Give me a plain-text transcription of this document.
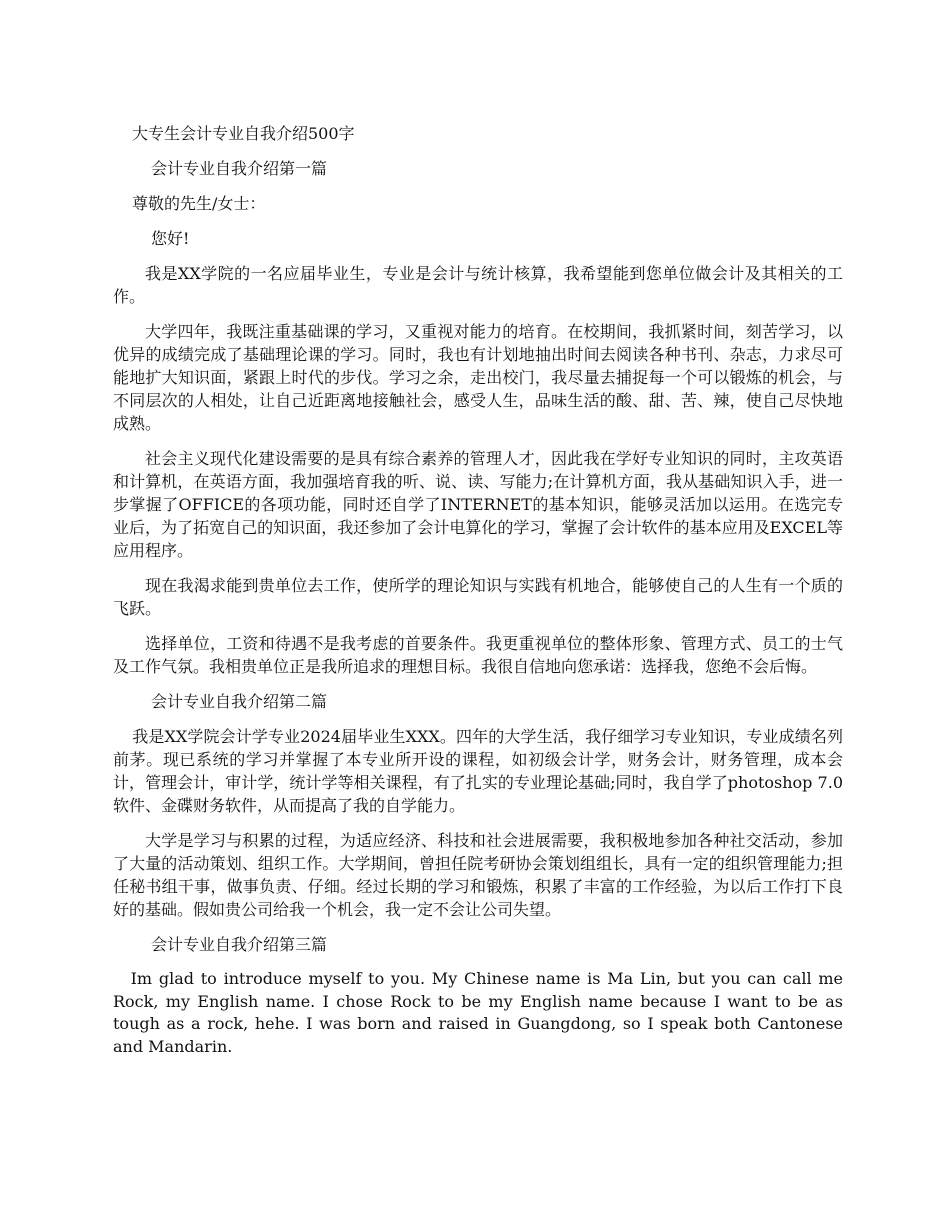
大专生会计专业自我介绍500字

会计专业自我介绍第一篇

尊敬的先生/女士：

您好!

我是XX学院的一名应届毕业生，专业是会计与统计核算，我希望能到您单位做会计及其相关的工作。

大学四年，我既注重基础课的学习，又重视对能力的培育。在校期间，我抓紧时间，刻苦学习，以优异的成绩完成了基础理论课的学习。同时，我也有计划地抽出时间去阅读各种书刊、杂志，力求尽可能地扩大知识面，紧跟上时代的步伐。学习之余，走出校门，我尽量去捕捉每一个可以锻炼的机会，与不同层次的人相处，让自己近距离地接触社会，感受人生，品味生活的酸、甜、苦、辣，使自己尽快地成熟。

社会主义现代化建设需要的是具有综合素养的管理人才，因此我在学好专业知识的同时，主攻英语和计算机，在英语方面，我加强培育我的听、说、读、写能力;在计算机方面，我从基础知识入手，进一步掌握了OFFICE的各项功能，同时还自学了INTERNET的基本知识，能够灵活加以运用。在选完专业后，为了拓宽自己的知识面，我还参加了会计电算化的学习，掌握了会计软件的基本应用及EXCEL等应用程序。

现在我渴求能到贵单位去工作，使所学的理论知识与实践有机地合，能够使自己的人生有一个质的飞跃。

选择单位，工资和待遇不是我考虑的首要条件。我更重视单位的整体形象、管理方式、员工的士气及工作气氛。我相贵单位正是我所追求的理想目标。我很自信地向您承诺：选择我，您绝不会后悔。

会计专业自我介绍第二篇

我是XX学院会计学专业2024届毕业生XXX。四年的大学生活，我仔细学习专业知识，专业成绩名列前茅。现已系统的学习并掌握了本专业所开设的课程，如初级会计学，财务会计，财务管理，成本会计，管理会计，审计学，统计学等相关课程，有了扎实的专业理论基础;同时，我自学了photoshop 7.0软件、金碟财务软件，从而提高了我的自学能力。

大学是学习与积累的过程，为适应经济、科技和社会进展需要，我积极地参加各种社交活动，参加了大量的活动策划、组织工作。大学期间，曾担任院考研协会策划组组长，具有一定的组织管理能力;担任秘书组干事，做事负责、仔细。经过长期的学习和锻炼，积累了丰富的工作经验，为以后工作打下良好的基础。假如贵公司给我一个机会，我一定不会让公司失望。

会计专业自我介绍第三篇

Im glad to introduce myself to you. My Chinese name is Ma Lin, but you can call me Rock, my English name. I chose Rock to be my English name because I want to be as tough as a rock, hehe. I was born and raised in Guangdong, so I speak both Cantonese and Mandarin.
